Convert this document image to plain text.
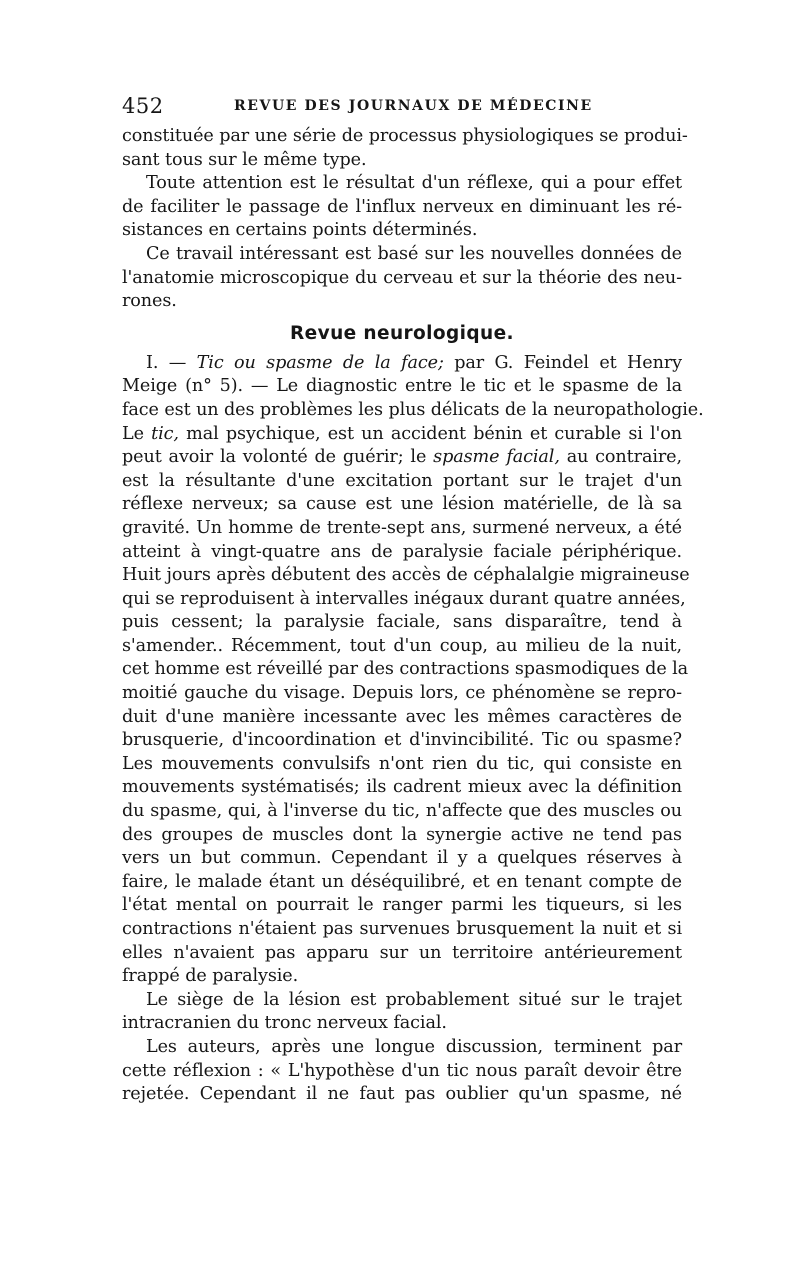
452	REVUE DES JOURNAUX DE MÉDECINE
constituée par une série de processus physiologiques se produi-
sant tous sur le même type.
Toute attention est le résultat d'un réflexe, qui a pour effet
de faciliter le passage de l'influx nerveux en diminuant les ré-
sistances en certains points déterminés.
Ce travail intéressant est basé sur les nouvelles données de
l'anatomie microscopique du cerveau et sur la théorie des neu-
rones.
Revue neurologique.
I. — Tic ou spasme de la face; par G. Feindel et Henry
Meige (n° 5). — Le diagnostic entre le tic et le spasme de la
face est un des problèmes les plus délicats de la neuropathologie.
Le tic, mal psychique, est un accident bénin et curable si l'on
peut avoir la volonté de guérir; le spasme facial, au contraire,
est la résultante d'une excitation portant sur le trajet d'un
réflexe nerveux; sa cause est une lésion matérielle, de là sa
gravité. Un homme de trente-sept ans, surmené nerveux, a été
atteint à vingt-quatre ans de paralysie faciale périphérique.
Huit jours après débutent des accès de céphalalgie migraineuse
qui se reproduisent à intervalles inégaux durant quatre années,
puis cessent; la paralysie faciale, sans disparaître, tend à
s'amender.. Récemment, tout d'un coup, au milieu de la nuit,
cet homme est réveillé par des contractions spasmodiques de la
moitié gauche du visage. Depuis lors, ce phénomène se repro-
duit d'une manière incessante avec les mêmes caractères de
brusquerie, d'incoordination et d'invincibilité. Tic ou spasme?
Les mouvements convulsifs n'ont rien du tic, qui consiste en
mouvements systématisés; ils cadrent mieux avec la définition
du spasme, qui, à l'inverse du tic, n'affecte que des muscles ou
des groupes de muscles dont la synergie active ne tend pas
vers un but commun. Cependant il y a quelques réserves à
faire, le malade étant un déséquilibré, et en tenant compte de
l'état mental on pourrait le ranger parmi les tiqueurs, si les
contractions n'étaient pas survenues brusquement la nuit et si
elles n'avaient pas apparu sur un territoire antérieurement
frappé de paralysie.
Le siège de la lésion est probablement situé sur le trajet
intracranien du tronc nerveux facial.
Les auteurs, après une longue discussion, terminent par
cette réflexion : « L'hypothèse d'un tic nous paraît devoir être
rejetée. Cependant il ne faut pas oublier qu'un spasme, né
